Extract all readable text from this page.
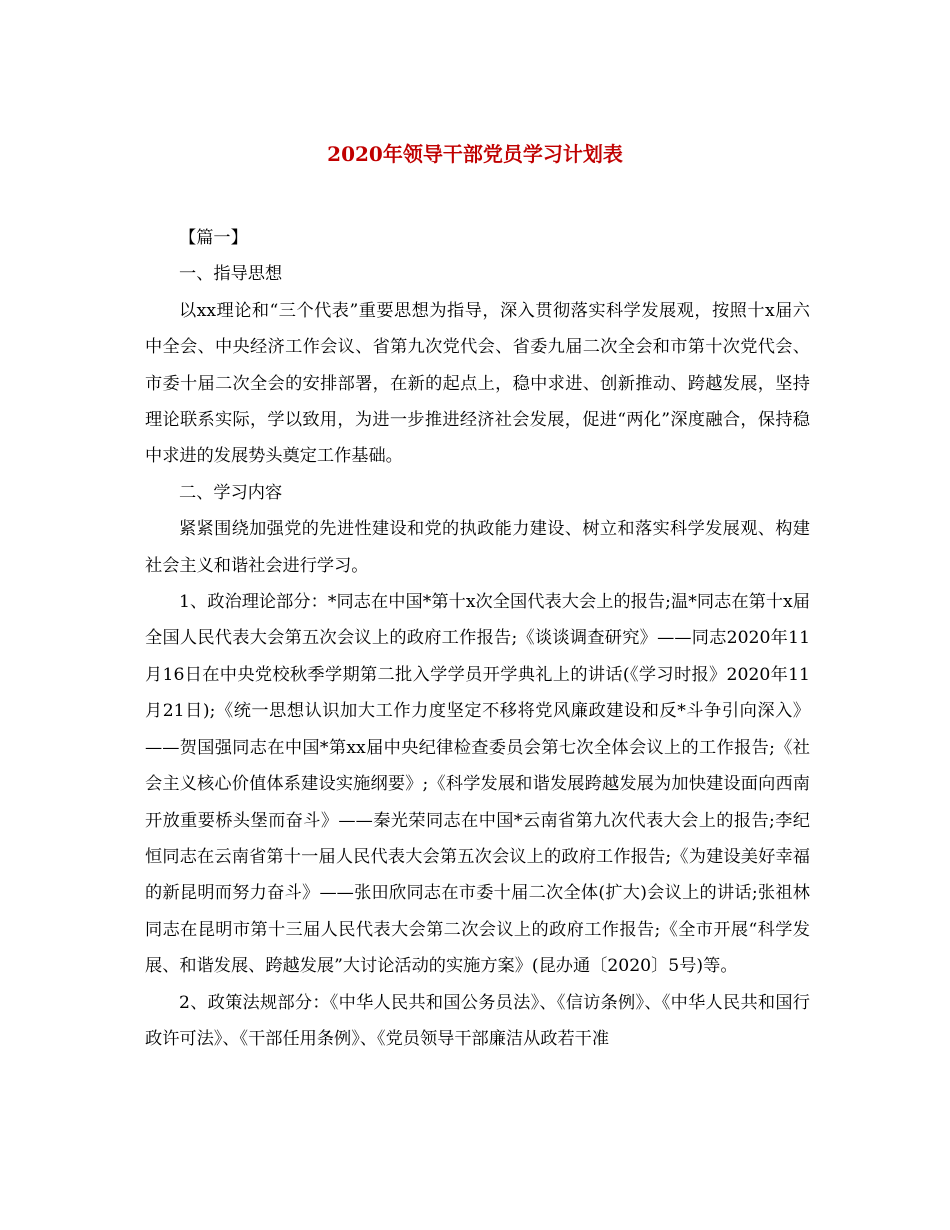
2020年领导干部党员学习计划表

【篇一】

一、指导思想

以xx理论和“三个代表”重要思想为指导，深入贯彻落实科学发展观，按照十x届六中全会、中央经济工作会议、省第九次党代会、省委九届二次全会和市第十次党代会、市委十届二次全会的安排部署，在新的起点上，稳中求进、创新推动、跨越发展，坚持理论联系实际，学以致用，为进一步推进经济社会发展，促进“两化”深度融合，保持稳中求进的发展势头奠定工作基础。

二、学习内容

紧紧围绕加强党的先进性建设和党的执政能力建设、树立和落实科学发展观、构建社会主义和谐社会进行学习。

1、政治理论部分：*同志在中国*第十x次全国代表大会上的报告;温*同志在第十x届全国人民代表大会第五次会议上的政府工作报告;《谈谈调查研究》——同志2020年11月16日在中央党校秋季学期第二批入学学员开学典礼上的讲话(《学习时报》2020年11月21日);《统一思想认识加大工作力度坚定不移将党风廉政建设和反*斗争引向深入》——贺国强同志在中国*第xx届中央纪律检查委员会第七次全体会议上的工作报告;《社会主义核心价值体系建设实施纲要》;《科学发展和谐发展跨越发展为加快建设面向西南开放重要桥头堡而奋斗》——秦光荣同志在中国*云南省第九次代表大会上的报告;李纪恒同志在云南省第十一届人民代表大会第五次会议上的政府工作报告;《为建设美好幸福的新昆明而努力奋斗》——张田欣同志在市委十届二次全体(扩大)会议上的讲话;张祖林同志在昆明市第十三届人民代表大会第二次会议上的政府工作报告;《全市开展“科学发展、和谐发展、跨越发展”大讨论活动的实施方案》(昆办通〔2020〕5号)等。

2、政策法规部分：《中华人民共和国公务员法》、《信访条例》、《中华人民共和国行政许可法》、《干部任用条例》、《党员领导干部廉洁从政若干准
